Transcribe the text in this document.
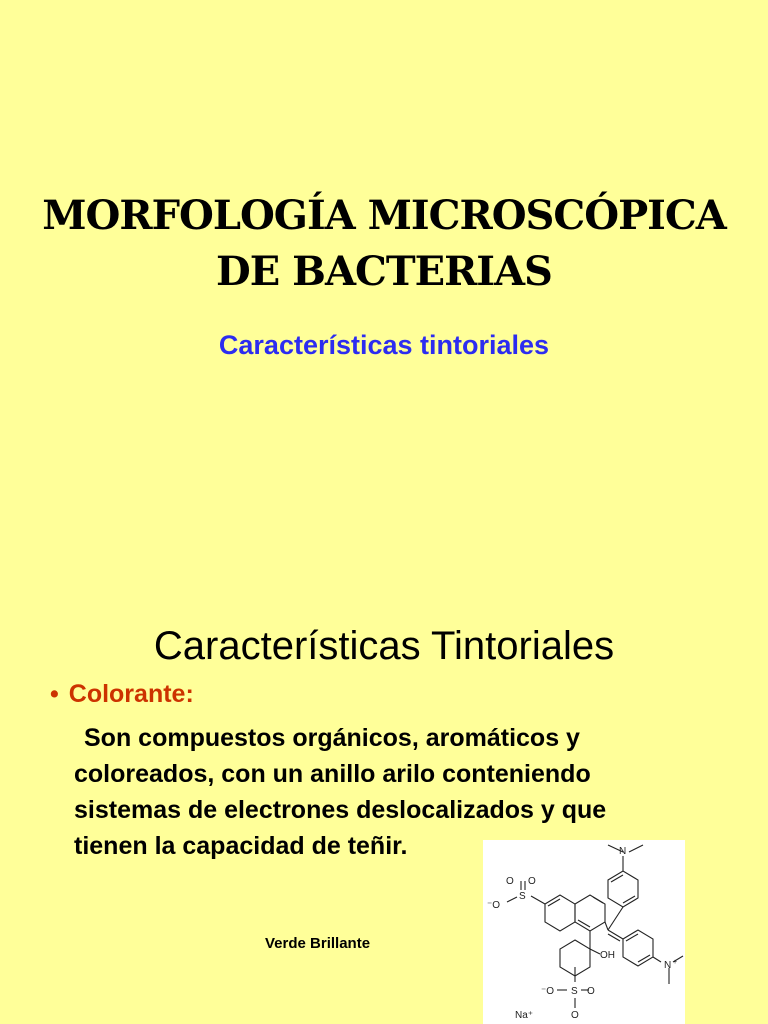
MORFOLOGÍA MICROSCÓPICA
DE BACTERIAS
Características tintoriales
Características Tintoriales
• Colorante:
Son compuestos orgánicos, aromáticos y
coloreados, con un anillo arilo conteniendo
sistemas de electrones deslocalizados y que
tienen la capacidad de teñir.
Verde Brillante
N
N +
OH
S
S
O O
O
O
⁻O
⁻O
Na⁺
